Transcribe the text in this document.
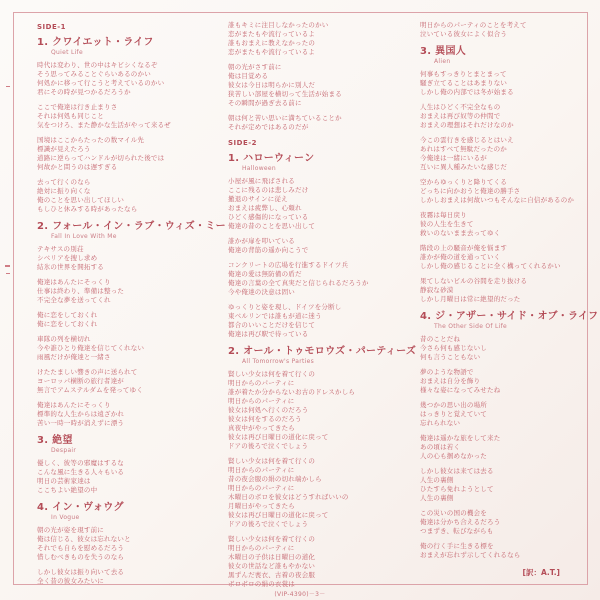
SIDE-1
1. クワイエット・ライフ
Quiet Life
時代は変わり、世の中はキビシくなるぞ
そう思ってみることぐらいあるのかい
何処かに移って行こうと考えているのかい
君にその時が見つかるだろうか
ここで俺達は行き止まりさ
それは何処も同じこと
気をつけろ、また静かな生活がやって来るぜ
国境はここからたったの数マイル先
標識が見えたろう
道路に逆らってハンドルが切られた後では
何故かと問うのは遅すぎる
去って行くのなら
絶対に振り向くな
俺のことを思い出してほしい
もしひと休みする時があったなら
2. フォール・イン・ラブ・ウィズ・ミー
Fall In Love With Me
テキサスの別荘
シベリアを捜し求め
結氷の世界を開拓する
俺達はあんたにそっくり
仕事は終わり、準備は整った
不完全な夢を送ってくれ
俺に恋をしておくれ
俺に恋をしておくれ
車隊の列を横切れ
今や誰ひとり俺達を信じてくれない
雨風だけが俺達と一緒さ
けたたましい響きの声に送られて
ヨーロッパ横断の旅行者達が
無言でアムステルダムを発ってゆく
俺達はあんたにそっくり
標準的な人生からは遠ざかれ
苦い一時一時が消えずに漂う
3. 絶望
Despair
優しく、彼等の邪魔はするな
こんな風に生きる人々もいる
明日の芸術家達は
ここちよい絶望の中
4. イン・ヴォウグ
In Vogue
朝の光が姿を現す前に
俺は信じる、彼女は忘れないと
それでも自らを慰めるだろう
惜しむべきものを失うのなら
しかし彼女は振り向いて去る
全く昔の彼女みたいに
誰もキミに注目しなかったのかい
恋がまたもや流行っているよ
誰もおまえに教えなかったの
恋がまたもや流行っているよ
朝の光がさす前に
俺は目覚める
彼女は今日は明らかに別人だ
狭苦しい部屋を横切って生活が始まる
その瞬間が過ぎ去る前に
朝は何と苦い思いに満ちていることか
それが定めではあるのだが
SIDE-2
1. ハローウィーン
Halloween
小屋が風に飛ばされる
ここに残るのは悲しみだけ
撤退のサインに従え
おまえは疲弊し、心頽れ
ひどく感傷的になっている
俺達の昔のことを思い出して
誰かが扉を叩いている
俺達の背筋の遥か向こうで
コンクリートの広場を行進するドイツ兵
俺達の愛は無防備の盾だ
俺達の言葉の全て真実だと信じられるだろうか
今や俺達の決意は固い
ゆっくりと姿を現し、ドイツを分断し
東ベルリンでは誰もが道に迷う
都合のいいことだけを信じて
俺達は再び駅で待っている
2. オール・トゥモロウズ・パーティーズ
All Tomorrow's Parties
賢しい少女は何を着て行くの
明日からのパーティに
誰が着たか分からないお古のドレスかしら
明日からのパーティに
彼女は何処へ行くのだろう
彼女は何をするのだろう
真夜中がやってきたら
彼女は再び日曜日の道化に戻って
ドアの後ろで泣くでしょう
賢しい少女は何を着て行くの
明日からのパーティに
昔の夜会服の絹の切れ端かしら
明日からのパーティに
木曜日のボロを彼女はどうすればいいの
月曜日がやってきたら
彼女は再び日曜日の道化に戻って
ドアの後ろで泣くでしょう
賢しい少女は何を着て行くの
明日からのパーティに
木曜日の子供は日曜日の道化
彼女の世話など誰もやかない
黒ずんだ喪衣、古着の夜会服
ボロボロの絹の衣裳は
明日からのパーティのことを考えて
泣いている彼女によく似合う
3. 異国人
Alien
何事もすっきりとまとまって
騒ぎ立てることはあまりない
しかし俺の内部では冬が始まる
人生はひどく不完全なもの
おまえは再び奴等の仲間で
おまえの理想はそれだけなのか
今この雲行きを感じるとはいえ
あれはすべて無駄だったのか
今俺達は一緒にいるが
互いに異人種みたいな感じだ
空からゆっくりと降りてくる
どっちに向かおうと俺達の勝手さ
しかしおまえは何故いつもそんなに自信があるのか
夜霧は毎日戻り
彼の人生を生きて
救いのないまま去ってゆく
階段の上の騒音が俺を悩ます
誰かが俺の道を通っていく
しかし俺の感じることに全く構ってくれるかい
果てしないビルの谷間を走り抜ける
静寂な砂漠
しかし月曜日は常に絶望的だった
4. ジ・アザー・サイド・オブ・ライフ
The Other Side Of Life
昔のことだね
今さら何も感じないし
何も言うこともない
夢のような物語で
おまえは自分を飾り
様々な姿になってみせたね
幾つかの思い出の場所
はっきりと覚えていて
忘れられない
俺達は遥かな旅をして来た
あの頃は若く
人の心も掴めなかった
しかし彼女は来ては去る
人生の裏側
ひたすら免れようとして
人生の裏側
この災いの国の機会を
俺達は分かち合えるだろう
つまずき、転びながらも
俺の行く手に生きる標を
おまえが忘れず示してくれるなら
[訳：A.T.]
(VIP-4390)－3－
